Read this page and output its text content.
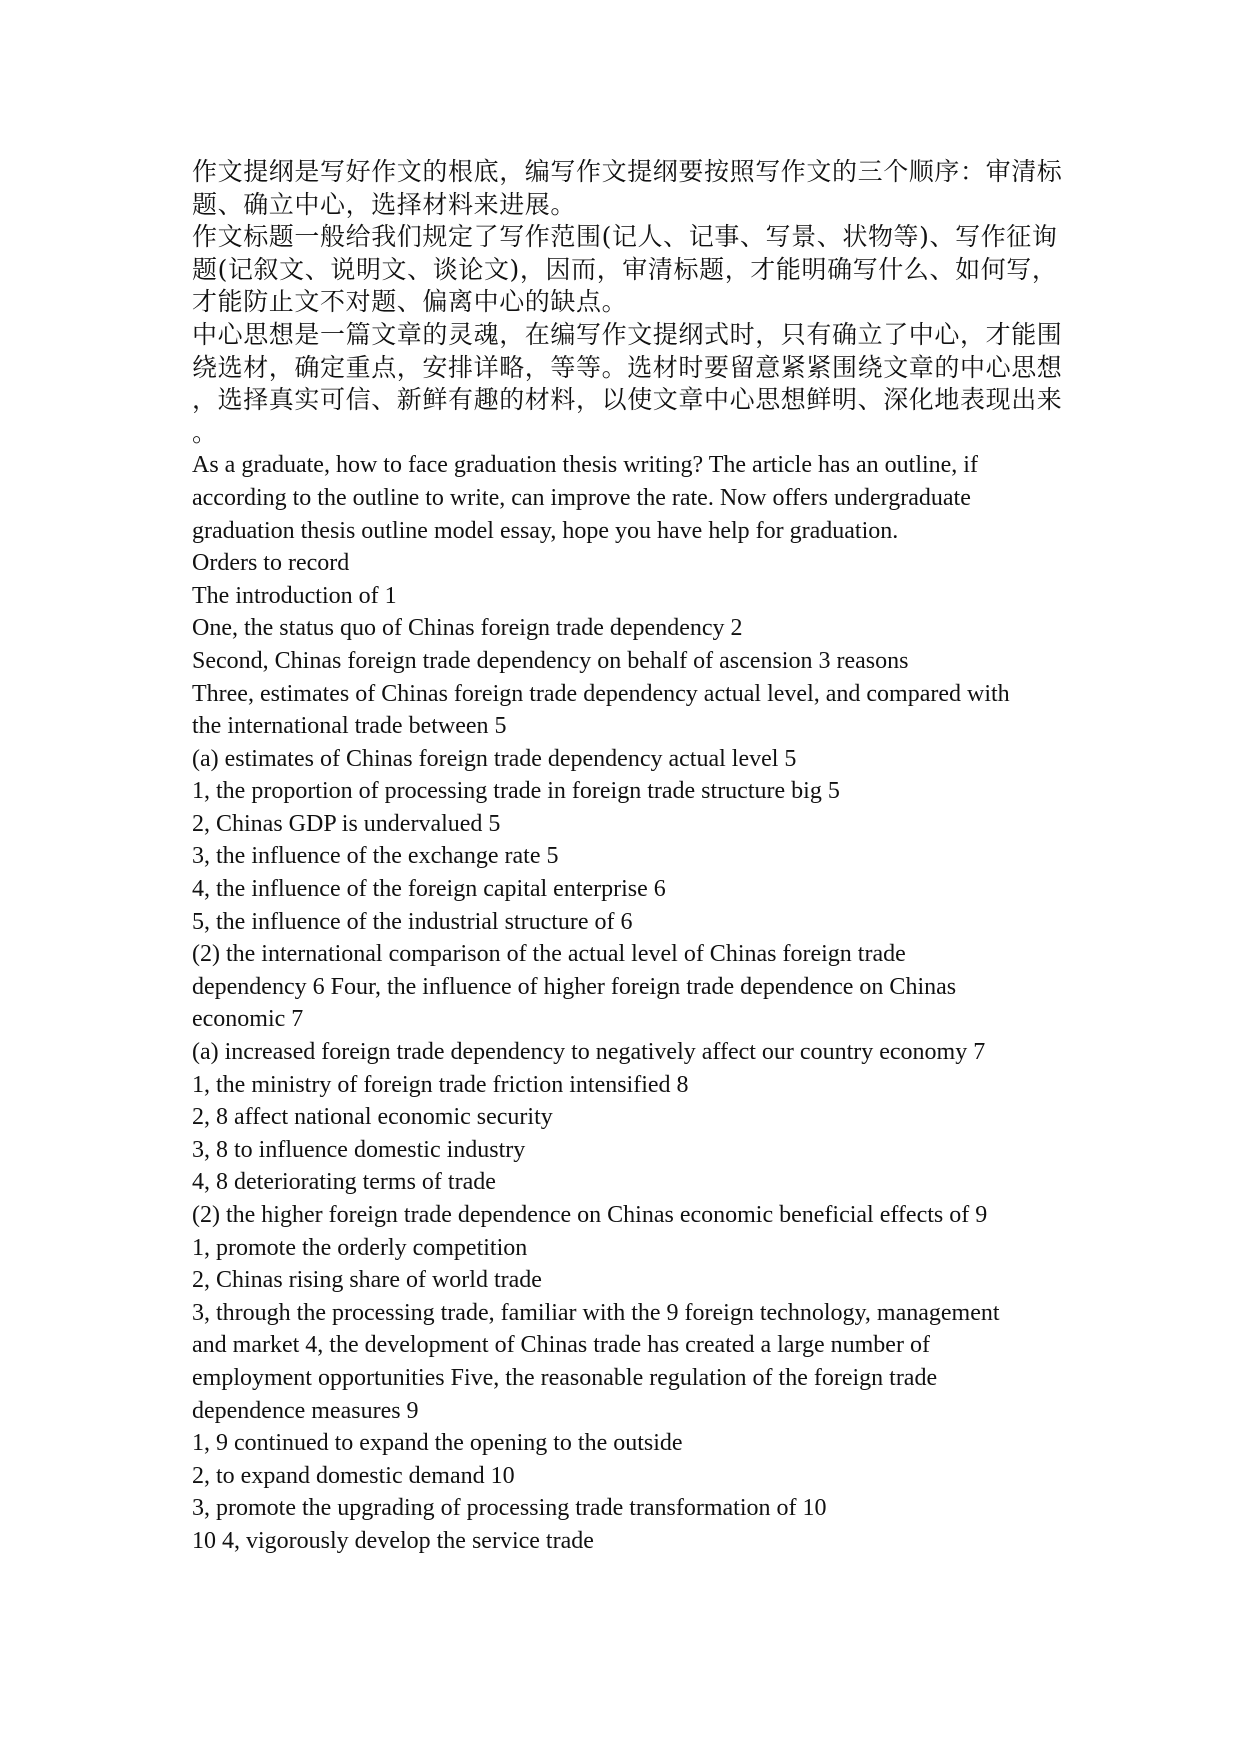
作文提纲是写好作文的根底，编写作文提纲要按照写作文的三个顺序：审清标
题、确立中心，选择材料来进展。
作文标题一般给我们规定了写作范围(记人、记事、写景、状物等)、写作征询
题(记叙文、说明文、谈论文)，因而，审清标题，才能明确写什么、如何写，
才能防止文不对题、偏离中心的缺点。
中心思想是一篇文章的灵魂，在编写作文提纲式时，只有确立了中心，才能围
绕选材，确定重点，安排详略，等等。选材时要留意紧紧围绕文章的中心思想
，选择真实可信、新鲜有趣的材料，以使文章中心思想鲜明、深化地表现出来
。
As a graduate, how to face graduation thesis writing? The article has an outline, if
according to the outline to write, can improve the rate. Now offers undergraduate
graduation thesis outline model essay, hope you have help for graduation.
Orders to record
The introduction of 1
One, the status quo of Chinas foreign trade dependency 2
Second, Chinas foreign trade dependency on behalf of ascension 3 reasons
Three, estimates of Chinas foreign trade dependency actual level, and compared with
the international trade between 5
(a) estimates of Chinas foreign trade dependency actual level 5
1, the proportion of processing trade in foreign trade structure big 5
2, Chinas GDP is undervalued 5
3, the influence of the exchange rate 5
4, the influence of the foreign capital enterprise 6
5, the influence of the industrial structure of 6
(2) the international comparison of the actual level of Chinas foreign trade
dependency 6 Four, the influence of higher foreign trade dependence on Chinas
economic 7
(a) increased foreign trade dependency to negatively affect our country economy 7
1, the ministry of foreign trade friction intensified 8
2, 8 affect national economic security
3, 8 to influence domestic industry
4, 8 deteriorating terms of trade
(2) the higher foreign trade dependence on Chinas economic beneficial effects of 9
1, promote the orderly competition
2, Chinas rising share of world trade
3, through the processing trade, familiar with the 9 foreign technology, management
and market 4, the development of Chinas trade has created a large number of
employment opportunities Five, the reasonable regulation of the foreign trade
dependence measures 9
1, 9 continued to expand the opening to the outside
2, to expand domestic demand 10
3, promote the upgrading of processing trade transformation of 10
10 4, vigorously develop the service trade
